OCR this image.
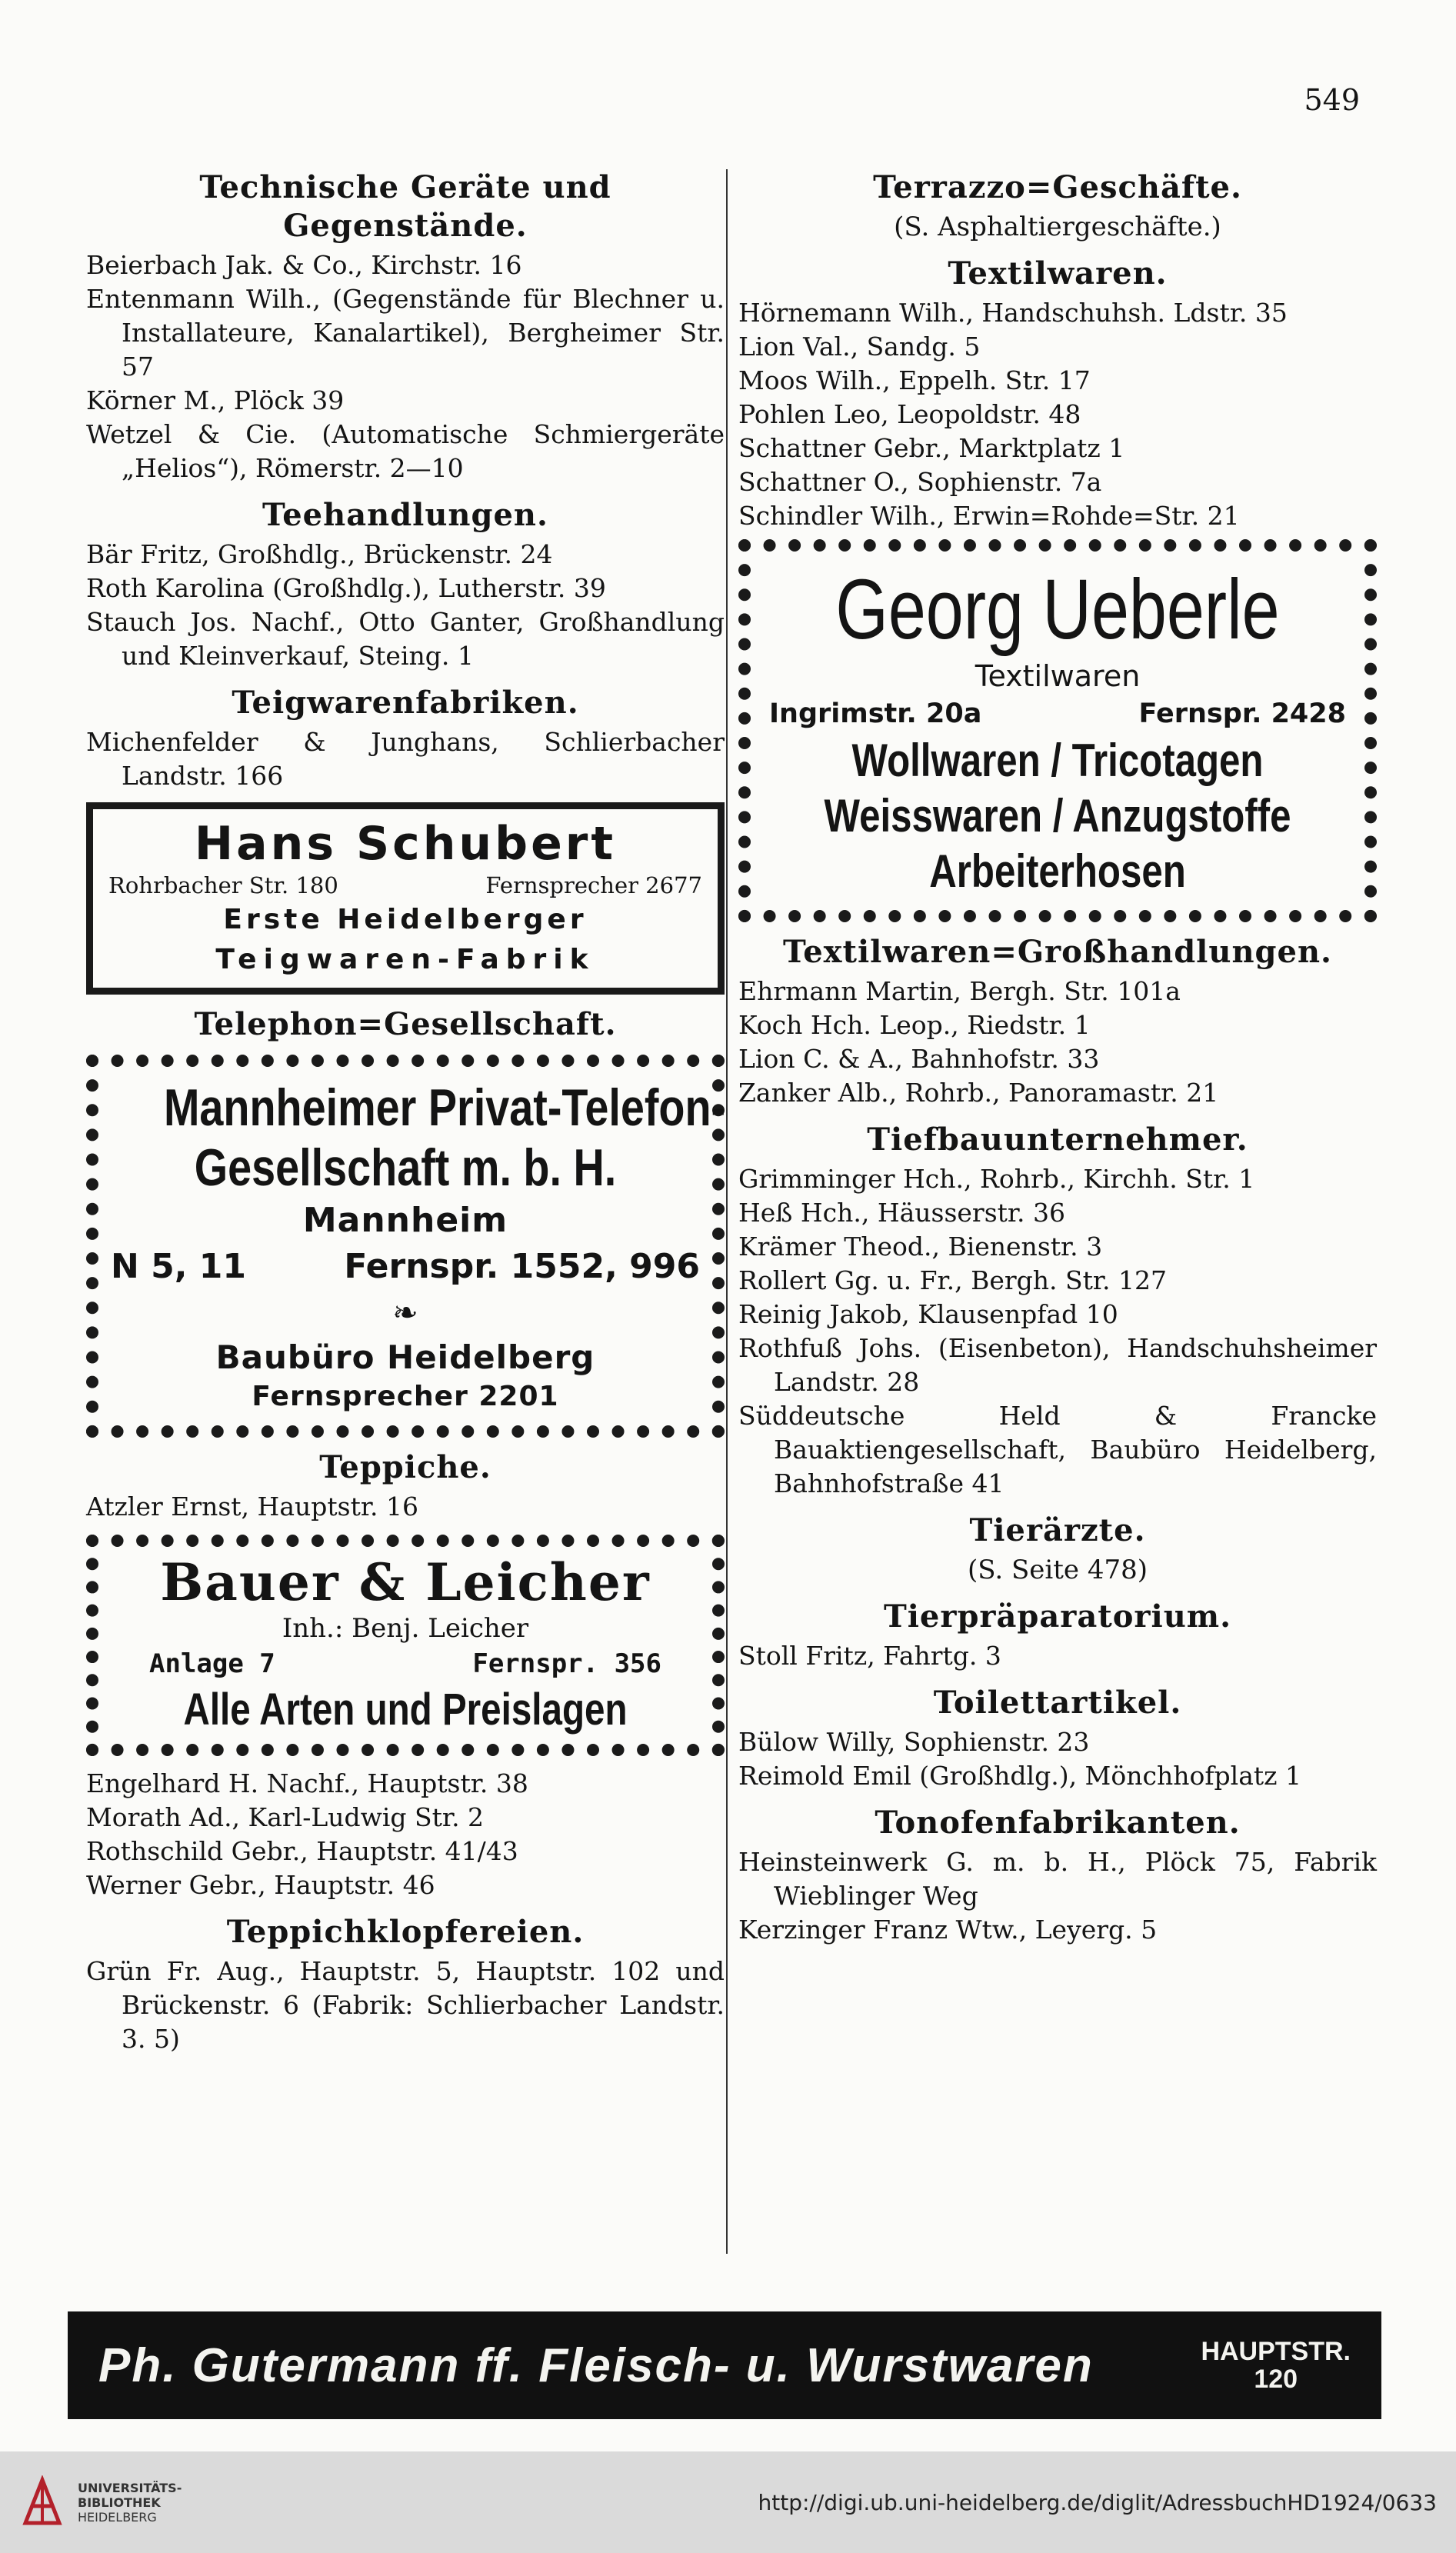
549
Technische Geräte und Gegenstände.
Beierbach Jak. & Co., Kirchstr. 16
Entenmann Wilh., (Gegenstände für Blechner u. Installateure, Kanalartikel), Bergheimer Str. 57
Körner M., Plöck 39
Wetzel & Cie. (Automatische Schmiergeräte „Helios“), Römerstr. 2—10
Teehandlungen.
Bär Fritz, Großhdlg., Brückenstr. 24
Roth Karolina (Großhdlg.), Lutherstr. 39
Stauch Jos. Nachf., Otto Ganter, Großhandlung und Kleinverkauf, Steing. 1
Teigwarenfabriken.
Michenfelder & Junghans, Schlierbacher Landstr. 166
Hans Schubert
Rohrbacher Str. 180	Fernsprecher 2677
Erste Heidelberger
Teigwaren-Fabrik
Telephon=Gesellschaft.
Mannheimer Privat-Telefon-
Gesellschaft m. b. H.
Mannheim
N 5, 11	Fernspr. 1552, 996
❧
Baubüro Heidelberg
Fernsprecher 2201
Teppiche.
Atzler Ernst, Hauptstr. 16
Bauer & Leicher
Inh.: Benj. Leicher
Anlage 7	Fernspr. 356
Alle Arten und Preislagen
Engelhard H. Nachf., Hauptstr. 38
Morath Ad., Karl-Ludwig Str. 2
Rothschild Gebr., Hauptstr. 41/43
Werner Gebr., Hauptstr. 46
Teppichklopfereien.
Grün Fr. Aug., Hauptstr. 5, Hauptstr. 102 und Brückenstr. 6 (Fabrik: Schlierbacher Landstr. 3. 5)
Terrazzo=Geschäfte.
(S. Asphaltiergeschäfte.)
Textilwaren.
Hörnemann Wilh., Handschuhsh. Ldstr. 35
Lion Val., Sandg. 5
Moos Wilh., Eppelh. Str. 17
Pohlen Leo, Leopoldstr. 48
Schattner Gebr., Marktplatz 1
Schattner O., Sophienstr. 7a
Schindler Wilh., Erwin=Rohde=Str. 21
Georg Ueberle
Textilwaren
Ingrimstr. 20a	Fernspr. 2428
Wollwaren / Tricotagen
Weisswaren / Anzugstoffe
Arbeiterhosen
Textilwaren=Großhandlungen.
Ehrmann Martin, Bergh. Str. 101a
Koch Hch. Leop., Riedstr. 1
Lion C. & A., Bahnhofstr. 33
Zanker Alb., Rohrb., Panoramastr. 21
Tiefbauunternehmer.
Grimminger Hch., Rohrb., Kirchh. Str. 1
Heß Hch., Häusserstr. 36
Krämer Theod., Bienenstr. 3
Rollert Gg. u. Fr., Bergh. Str. 127
Reinig Jakob, Klausenpfad 10
Rothfuß Johs. (Eisenbeton), Handschuhsheimer Landstr. 28
Süddeutsche Held & Francke Bauaktiengesellschaft, Baubüro Heidelberg, Bahnhofstraße 41
Tierärzte.
(S. Seite 478)
Tierpräparatorium.
Stoll Fritz, Fahrtg. 3
Toilettartikel.
Bülow Willy, Sophienstr. 23
Reimold Emil (Großhdlg.), Mönchhofplatz 1
Tonofenfabrikanten.
Heinsteinwerk G. m. b. H., Plöck 75, Fabrik Wieblinger Weg
Kerzinger Franz Wtw., Leyerg. 5
Ph. Gutermann ff. Fleisch- u. Wurstwaren	HAUPTSTR.
120
UNIVERSITÄTS-
BIBLIOTHEK
HEIDELBERG
http://digi.ub.uni-heidelberg.de/diglit/AdressbuchHD1924/0633
